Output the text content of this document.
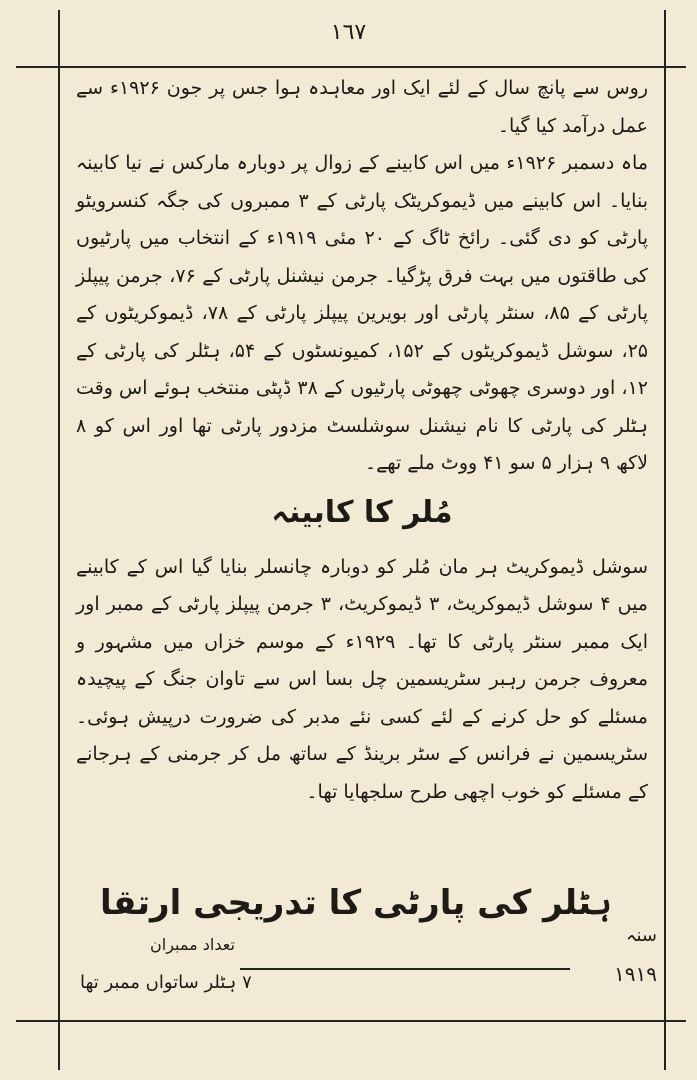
١٦٧

روس سے پانچ سال کے لئے ایک اور معاہدہ ہوا جس پر جون ۱۹۲۶ء سے عمل درآمد کیا گیا۔

ماہ دسمبر ۱۹۲۶ء میں اس کابینے کے زوال پر دوبارہ مارکس نے نیا کابینہ بنایا۔ اس کابینے میں ڈیموکریٹک پارٹی کے ۳ ممبروں کی جگہ کنسرویٹو پارٹی کو دی گئی۔ رائخ ٹاگ کے ۲۰ مئی ۱۹۱۹ء کے انتخاب میں پارٹیوں کی طاقتوں میں بہت فرق پڑگیا۔ جرمن نیشنل پارٹی کے ۷۶، جرمن پیپلز پارٹی کے ۸۵، سنٹر پارٹی اور بویرین پیپلز پارٹی کے ۷۸، ڈیموکریٹوں کے ۲۵، سوشل ڈیموکریٹوں کے ۱۵۲، کمیونسٹوں کے ۵۴، ہٹلر کی پارٹی کے ۱۲، اور دوسری چھوٹی چھوٹی پارٹیوں کے ۳۸ ڈپٹی منتخب ہوئے اس وقت ہٹلر کی پارٹی کا نام نیشنل سوشلسٹ مزدور پارٹی تھا اور اس کو ۸ لاکھ ۹ ہزار ۵ سو ۴۱ ووٹ ملے تھے۔

مُلر کا کابینہ

سوشل ڈیموکریٹ ہر مان مُلر کو دوبارہ چانسلر بنایا گیا اس کے کابینے میں ۴ سوشل ڈیموکریٹ، ۳ ڈیموکریٹ، ۳ جرمن پیپلز پارٹی کے ممبر اور ایک ممبر سنٹر پارٹی کا تھا۔ ۱۹۲۹ء کے موسم خزاں میں مشہور و معروف جرمن رہبر سٹریسمین چل بسا اس سے تاوان جنگ کے پیچیدہ مسئلے کو حل کرنے کے لئے کسی نئے مدبر کی ضرورت درپیش ہوئی۔ سٹریسمین نے فرانس کے سٹر برینڈ کے ساتھ مل کر جرمنی کے ہرجانے کے مسئلے کو خوب اچھی طرح سلجھایا تھا۔

ہٹلر کی پارٹی کا تدریجی ارتقا
سنہ
تعداد ممبران
١٩١٩
۷ ہٹلر ساتواں ممبر تھا
